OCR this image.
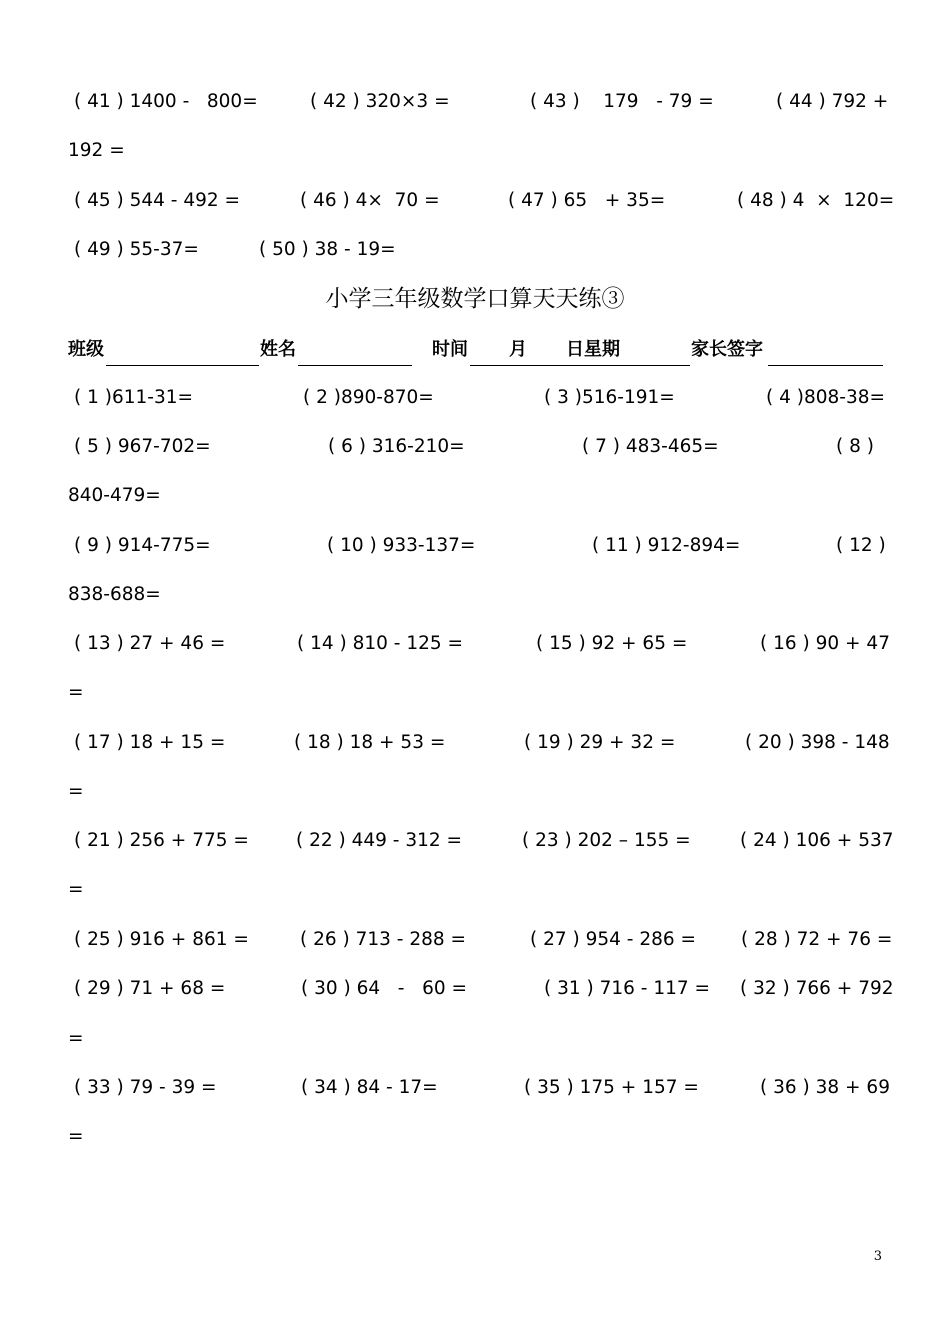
( 41 ) 1400 -   800=

	( 42 ) 320×3 =

	( 43 )    179   - 79 =

	( 44 ) 792 +

192 =

( 45 ) 544 - 492 =

	( 46 ) 4×  70 =

	( 47 ) 65   + 35=

	( 48 ) 4  ×  120=

( 49 ) 55-37=

	( 50 ) 38 - 19=

小学三年级数学口算天天练③
班级	姓名	时间 月 日星期	家长签字

( 1 )611-31=

	( 2 )890-870=

	( 3 )516-191=

	( 4 )808-38=

( 5 ) 967-702=

	( 6 ) 316-210=

	( 7 ) 483-465=

	( 8 )

840-479=

( 9 ) 914-775=

	( 10 ) 933-137=

	( 11 ) 912-894=

	( 12 )

838-688=

( 13 ) 27 + 46 =

	( 14 ) 810 - 125 =

	( 15 ) 92 + 65 =

	( 16 ) 90 + 47

=

( 17 ) 18 + 15 =

	( 18 ) 18 + 53 =

	( 19 ) 29 + 32 =

	( 20 ) 398 - 148

=

( 21 ) 256 + 775 =

	( 22 ) 449 - 312 =

	( 23 ) 202 – 155 =

	( 24 ) 106 + 537

=

( 25 ) 916 + 861 =

	( 26 ) 713 - 288 =

	( 27 ) 954 - 286 =

( 28 ) 72 + 76 =

( 29 ) 71 + 68 =

	( 30 ) 64   -   60 =

	( 31 ) 716 - 117 =

( 32 ) 766 + 792

=

( 33 ) 79 - 39 =

	( 34 ) 84 - 17=

	( 35 ) 175 + 157 =

	( 36 ) 38 + 69

=

3
